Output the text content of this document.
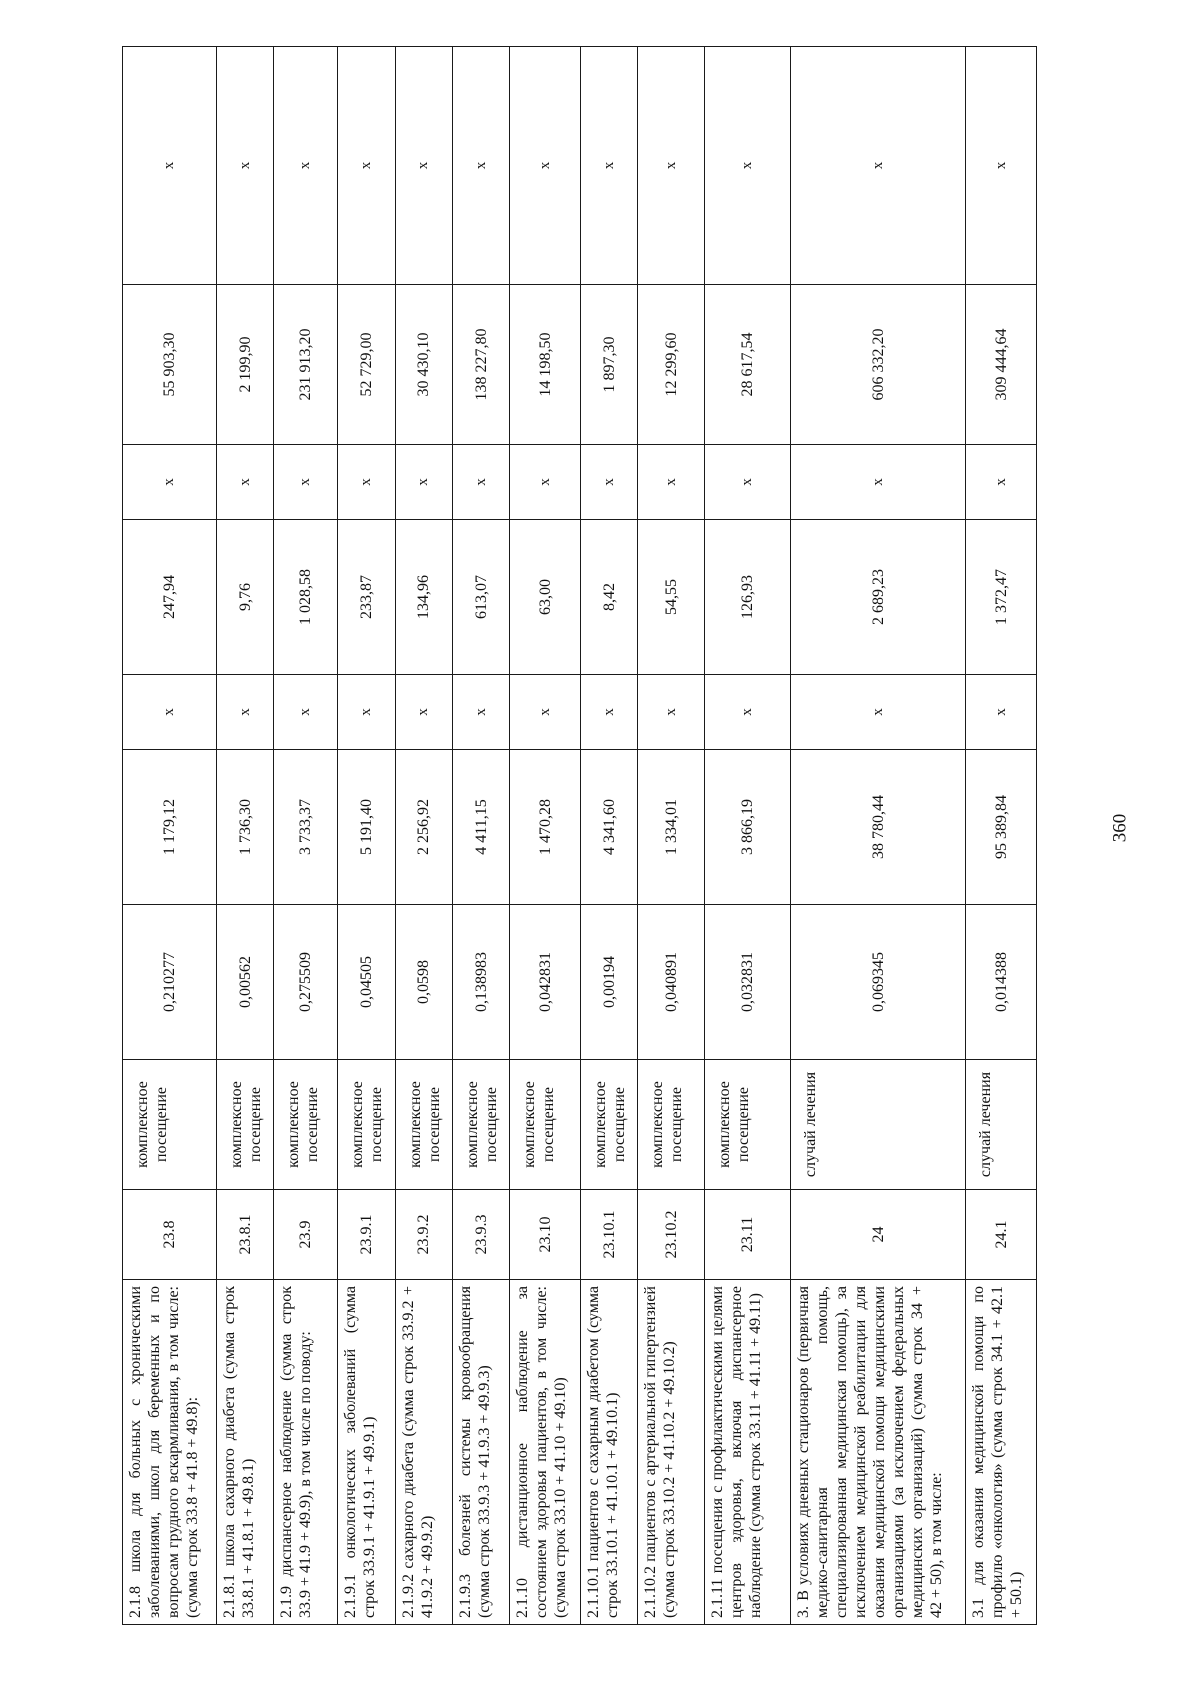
2.1.8 школа для больных с хроническими заболеваниями, школ для беременных и по вопросам грудного вскармливания, в том числе: (сумма строк 33.8 + 41.8 + 49.8):	23.8	комплексное посещение	0,210277	1 179,12	х	247,94	х	55 903,30	х
2.1.8.1 школа сахарного диабета (сумма строк 33.8.1 + 41.8.1 + 49.8.1)	23.8.1	комплексное посещение	0,00562	1 736,30	х	9,76	х	2 199,90	х
2.1.9 диспансерное наблюдение (сумма строк 33.9 + 41.9 + 49.9), в том числе по поводу:	23.9	комплексное посещение	0,275509	3 733,37	х	1 028,58	х	231 913,20	х
2.1.9.1 онкологических заболеваний (сумма строк 33.9.1 + 41.9.1 + 49.9.1)	23.9.1	комплексное посещение	0,04505	5 191,40	х	233,87	х	52 729,00	х
2.1.9.2 сахарного диабета (сумма строк 33.9.2 + 41.9.2 + 49.9.2)	23.9.2	комплексное посещение	0,0598	2 256,92	х	134,96	х	30 430,10	х
2.1.9.3 болезней системы кровообращения (сумма строк 33.9.3 + 41.9.3 + 49.9.3)	23.9.3	комплексное посещение	0,138983	4 411,15	х	613,07	х	138 227,80	х
2.1.10 дистанционное наблюдение за состоянием здоровья пациентов, в том числе: (сумма строк 33.10 + 41.10 + 49.10)	23.10	комплексное посещение	0,042831	1 470,28	х	63,00	х	14 198,50	х
2.1.10.1 пациентов с сахарным диабетом (сумма строк 33.10.1 + 41.10.1 + 49.10.1)	23.10.1	комплексное посещение	0,00194	4 341,60	х	8,42	х	1 897,30	х
2.1.10.2 пациентов с артериальной гипертензией (сумма строк 33.10.2 + 41.10.2 + 49.10.2)	23.10.2	комплексное посещение	0,040891	1 334,01	х	54,55	х	12 299,60	х
2.1.11 посещения с профилактическими целями центров здоровья, включая диспансерное наблюдение (сумма строк 33.11 + 41.11 + 49.11)	23.11	комплексное посещение	0,032831	3 866,19	х	126,93	х	28 617,54	х
3. В условиях дневных стационаров (первичная медико-санитарная помощь, специализированная медицинская помощь), за исключением медицинской реабилитации для оказания медицинской помощи медицинскими организациями (за исключением федеральных медицинских организаций) (сумма строк 34 + 42 + 50), в том числе:	24	случай лечения	0,069345	38 780,44	х	2 689,23	х	606 332,20	х
3.1 для оказания медицинской помощи по профилю «онкология» (сумма строк 34.1 + 42.1 + 50.1)	24.1	случай лечения	0,014388	95 389,84	х	1 372,47	х	309 444,64	х
360
